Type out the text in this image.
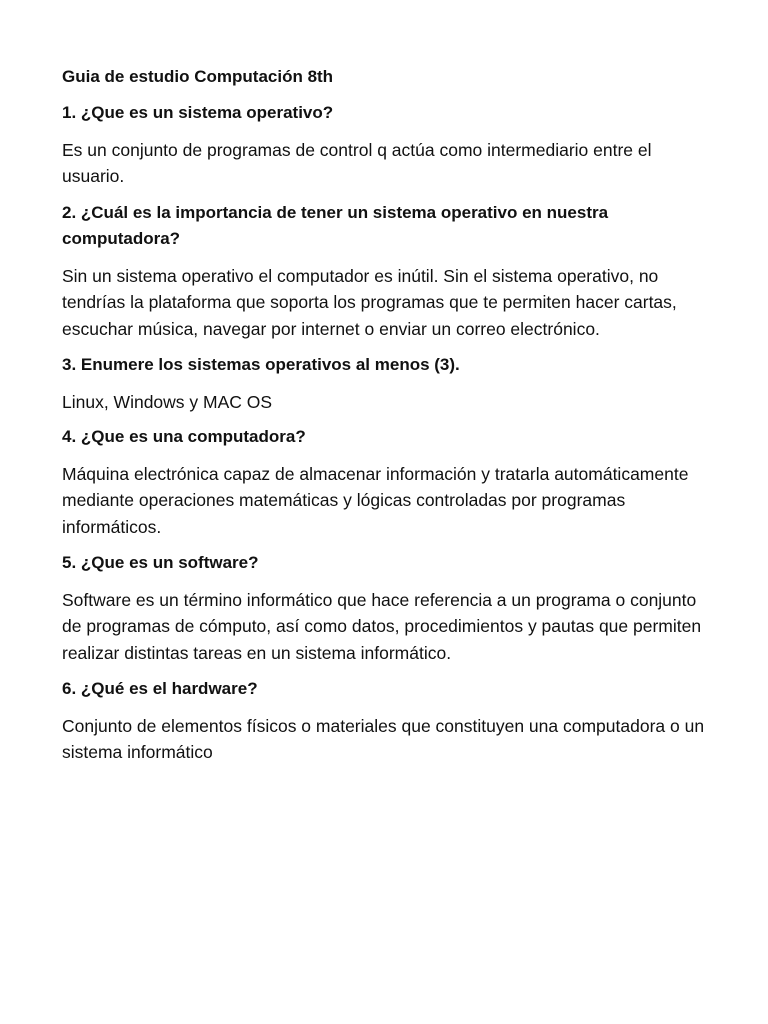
Guia de estudio Computación 8th
1. ¿Que es un sistema operativo?
Es un conjunto de programas de control q actúa como intermediario entre el usuario.
2. ¿Cuál es la importancia de tener un sistema operativo en nuestra computadora?
Sin un sistema operativo el computador es inútil. Sin el sistema operativo, no tendrías la plataforma que soporta los programas que te permiten hacer cartas, escuchar música, navegar por internet o enviar un correo electrónico.
3. Enumere los sistemas operativos al menos (3).
Linux, Windows y MAC OS
4. ¿Que es una computadora?
Máquina electrónica capaz de almacenar información y tratarla automáticamente mediante operaciones matemáticas y lógicas controladas por programas informáticos.
5. ¿Que es un software?
Software es un término informático que hace referencia a un programa o conjunto de programas de cómputo, así como datos, procedimientos y pautas que permiten realizar distintas tareas en un sistema informático.
6. ¿Qué es el hardware?
Conjunto de elementos físicos o materiales que constituyen una computadora o un sistema informático
